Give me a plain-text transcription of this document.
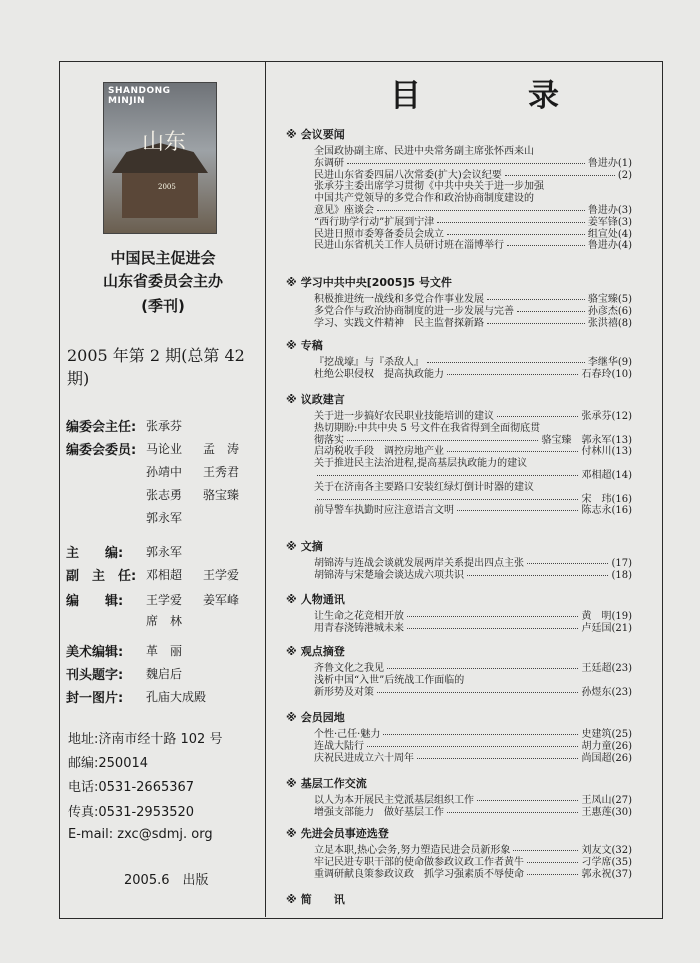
SHANDONG
MINJIN
山东
2005
中国民主促进会
山东省委员会主办
(季刊)
2005 年第 2 期(总第 42 期)
编委会主任: 张承芬
编委会委员: 马论业 孟　涛
孙靖中 王秀君
张志勇 骆宝臻
郭永军
主　　编: 郭永军
副　主　任: 邓相超 王学爱
编　　辑: 王学爱 姜军峰
席　林
美术编辑: 革　丽
刊头题字: 魏启后
封一图片: 孔庙大成殿
地址:济南市经十路 102 号
邮编:250014
电话:0531-2665367
传真:0531-2953520
E-mail: zxc@sdmj. org
2005.6　出版
目　录
※ 会议要闻
全国政协副主席、民进中央常务副主席张怀西来山
东调研	鲁进办(1)
民进山东省委四届八次常委(扩大)会议纪要	(2)
张承芬主委出席学习贯彻《中共中央关于进一步加强
中国共产党领导的多党合作和政治协商制度建设的
意见》座谈会	鲁进办(3)
“西行助学行动”扩展到宁津	姜军锋(3)
民进日照市委筹备委员会成立	组宣处(4)
民进山东省机关工作人员研讨班在淄博举行	鲁进办(4)
※ 学习中共中央[2005]5 号文件
积极推进统一战线和多党合作事业发展	骆宝臻(5)
多党合作与政治协商制度的进一步发展与完善	孙彦杰(6)
学习、实践文件精神　民主监督探新路	张洪禧(8)
※ 专稿
『挖战壕』与『杀敌人』	李继华(9)
杜绝公职侵权　提高执政能力	石春玲(10)
※ 议政建言
关于进一步搞好农民职业技能培训的建议	张承芬(12)
热切期盼:中共中央 5 号文件在我省得到全面彻底贯
彻落实	骆宝臻　郭永军(13)
启动税收手段　调控房地产业	付林川(13)
关于推进民主法治进程,提高基层执政能力的建议
邓相超(14)
关于在济南各主要路口安装红绿灯倒计时器的建议
宋　玮(16)
前导警车执勤时应注意语言文明	陈志永(16)
※ 文摘
胡锦涛与连战会谈就发展两岸关系提出四点主张	(17)
胡锦涛与宋楚瑜会谈达成六项共识	(18)
※ 人物通讯
让生命之花竞相开放	黄　明(19)
用青春浇铸港城未来	卢廷国(21)
※ 观点摘登
齐鲁文化之我见	王廷超(23)
浅析中国“入世”后统战工作面临的
新形势及对策	孙煜东(23)
※ 会员园地
个性·己任·魅力	史建筑(25)
连战大陆行	胡力童(26)
庆祝民进成立六十周年	尚国超(26)
※ 基层工作交流
以人为本开展民主党派基层组织工作	王凤山(27)
增强支部能力　做好基层工作	王惠莲(30)
※ 先进会员事迹选登
立足本职,热心会务,努力塑造民进会员新形象	刘友文(32)
牢记民进专职干部的使命做参政议政工作者黄牛	刁学席(35)
重调研献良策参政议政　抓学习强素质不辱使命	郭永祝(37)
※ 简　　讯
